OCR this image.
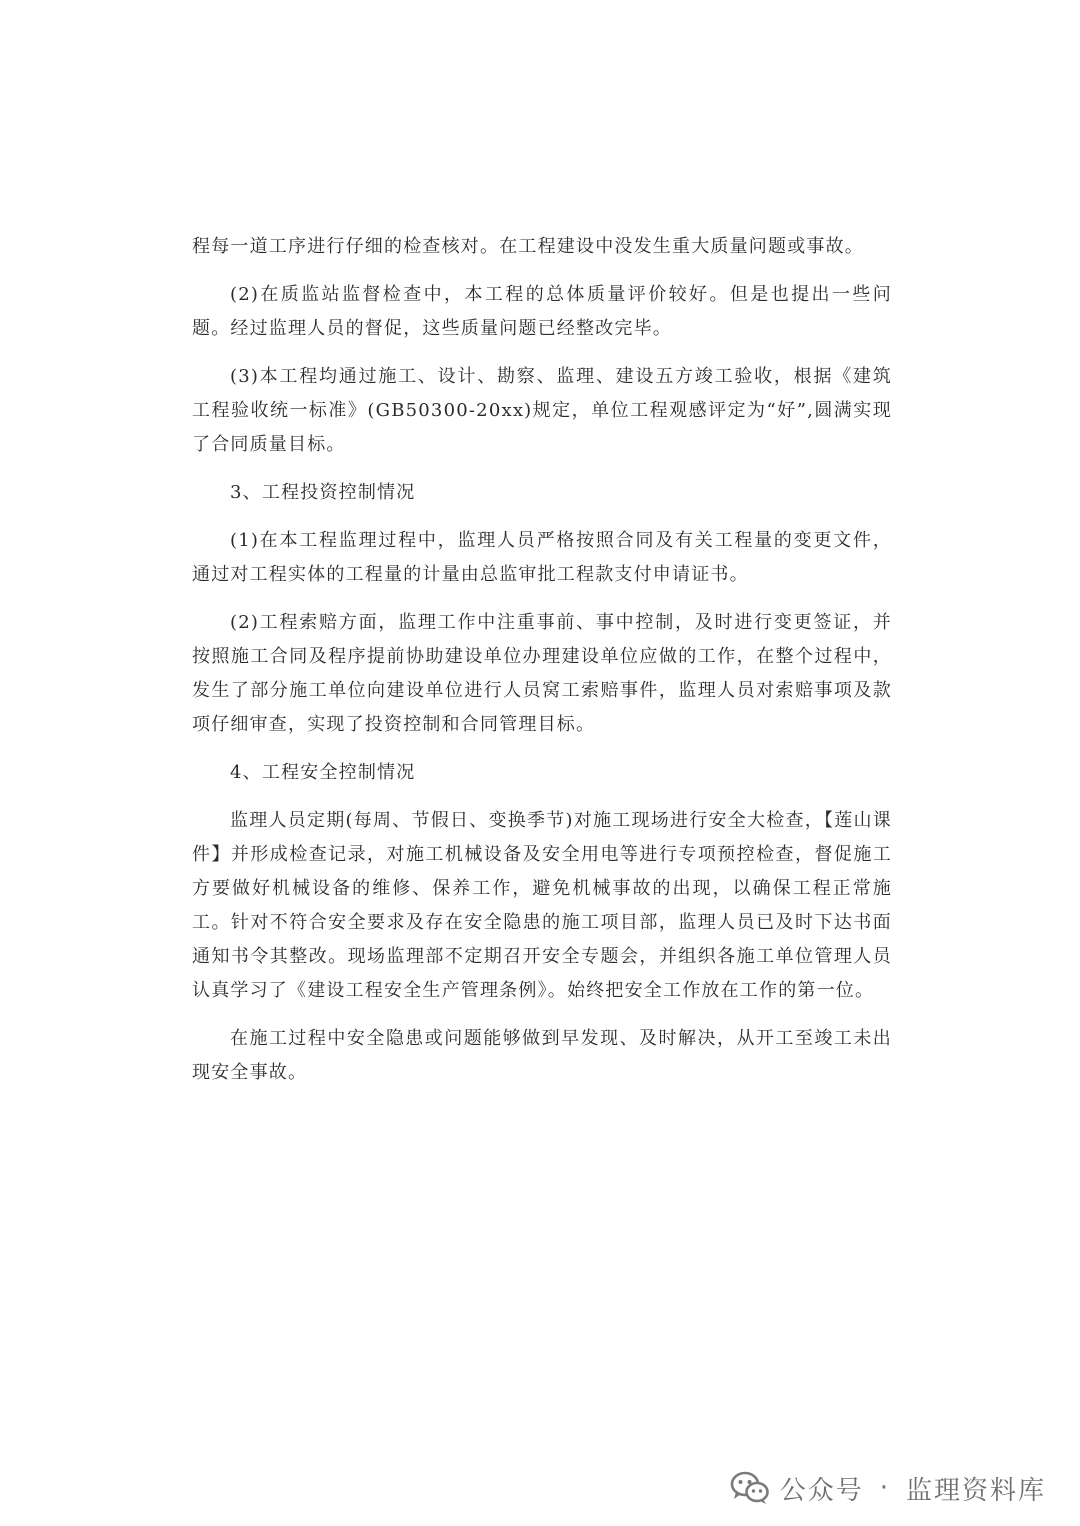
程每一道工序进行仔细的检查核对。在工程建设中没发生重大质量问题或事故。

(2)在质监站监督检查中，本工程的总体质量评价较好。但是也提出一些问题。经过监理人员的督促，这些质量问题已经整改完毕。

(3)本工程均通过施工、设计、勘察、监理、建设五方竣工验收，根据《建筑工程验收统一标准》(GB50300-20xx)规定，单位工程观感评定为“好”,圆满实现了合同质量目标。

3、工程投资控制情况

(1)在本工程监理过程中，监理人员严格按照合同及有关工程量的变更文件，通过对工程实体的工程量的计量由总监审批工程款支付申请证书。

(2)工程索赔方面，监理工作中注重事前、事中控制，及时进行变更签证，并按照施工合同及程序提前协助建设单位办理建设单位应做的工作，在整个过程中，发生了部分施工单位向建设单位进行人员窝工索赔事件，监理人员对索赔事项及款项仔细审查，实现了投资控制和合同管理目标。

4、工程安全控制情况

监理人员定期(每周、节假日、变换季节)对施工现场进行安全大检查，【莲山课件】并形成检查记录，对施工机械设备及安全用电等进行专项预控检查，督促施工方要做好机械设备的维修、保养工作，避免机械事故的出现，以确保工程正常施工。针对不符合安全要求及存在安全隐患的施工项目部，监理人员已及时下达书面通知书令其整改。现场监理部不定期召开安全专题会，并组织各施工单位管理人员认真学习了《建设工程安全生产管理条例》。始终把安全工作放在工作的第一位。

在施工过程中安全隐患或问题能够做到早发现、及时解决，从开工至竣工未出现安全事故。

公众号 · 监理资料库
